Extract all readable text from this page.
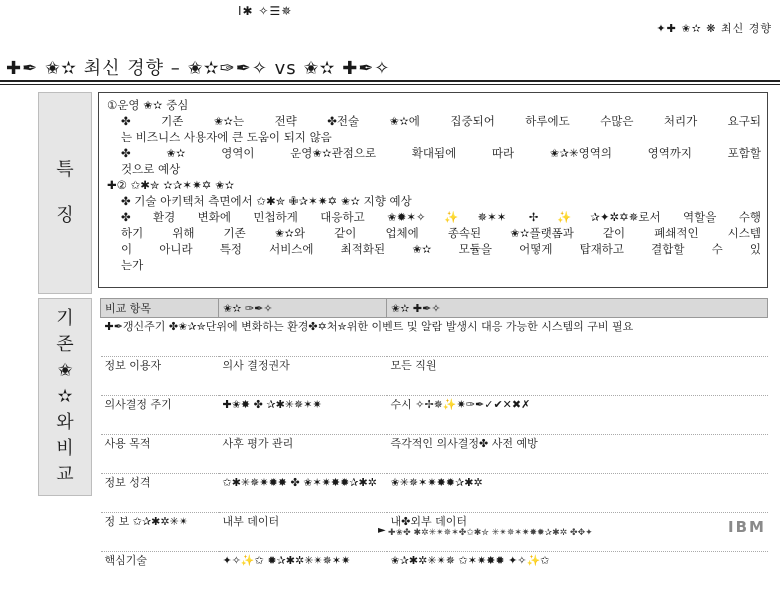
I✱ ✧☰✵
✦✚ ✬✫ ❋ 최신 경향
✚✒ ✬✫ 최신 경향 – ✬✫✑✒✧ vs ✬✫ ✚✒✧
특
징

①운영 ✬✫ 중심

✤ 기존 ✬✫는 전략 ✤전술 ✬✫에 집중되어 하루에도 수많은 처리가 요구되

는 비즈니스 사용자에 큰 도움이 되지 않음

✤ ✬✫ 영역이 운영✬✫관점으로 확대됨에 따라 ✬✰✳영역의 영역까지 포함할

것으로 예상

✚② ✩✱✮ ✫✰✶✷✡ ✬✫

✤ 기술 아키텍처 측면에서 ✩✱✮ ✙✰✶✷✡ ✬✫ 지향 예상

✤ 환경 변화에 민첩하게 대응하고 ✬✹✶✧✨✵✶✶ ✢✨✰✦✲✡✵로서 역할을 수행

하기 위해 기존 ✬✫와 같이 업체에 종속된 ✬✫플랫폼과 같이 폐쇄적인 시스템

이 아니라 특정 서비스에 최적화된 ✬✫ 모듈을 어떻게 탑재하고 결합할 수 있

는가

기
존
✬
✫
와
비
교
비교 항목	✬✫ ✑✒✧	✬✫ ✚✒✧
✚✒갱신주기 ✤✬✰✮단위에 변화하는 환경✤✡처✮위한 이벤트 및 알람 발생시 대응 가능한 시스템의 구비 필요		
정보 이용자	의사 결정권자	모든 직원
의사결정 주기	✚✬✸ ✤ ✰✱✳✵✶✷	수시 ✧✢✵✨✷✑✒✓✔✕✖✗
사용 목적	사후 평가 관리	즉각적인 의사결정✤ 사전 예방
정보 성격	✩✱✳✵✷✹✸ ✤ ✬✶✷✸✹✰✱✲	✬✳✵✶✷✸✹✰✱✲
정 보 ✩✰✱✲✳✴	내부 데이터	내✤외부 데이터
핵심기술	✦✧✨✩ ✹✰✱✲✳✴✵✶✷	✬✰✱✲✳✴✵ ✩✶✷✸✹ ✦✧✨✩
► ✚✬✤ ✱✲✳✴✵✶✤✩✱✮ ✳✴✵✶✷✸✹✰✱✲ ✤✥✦	IBM
